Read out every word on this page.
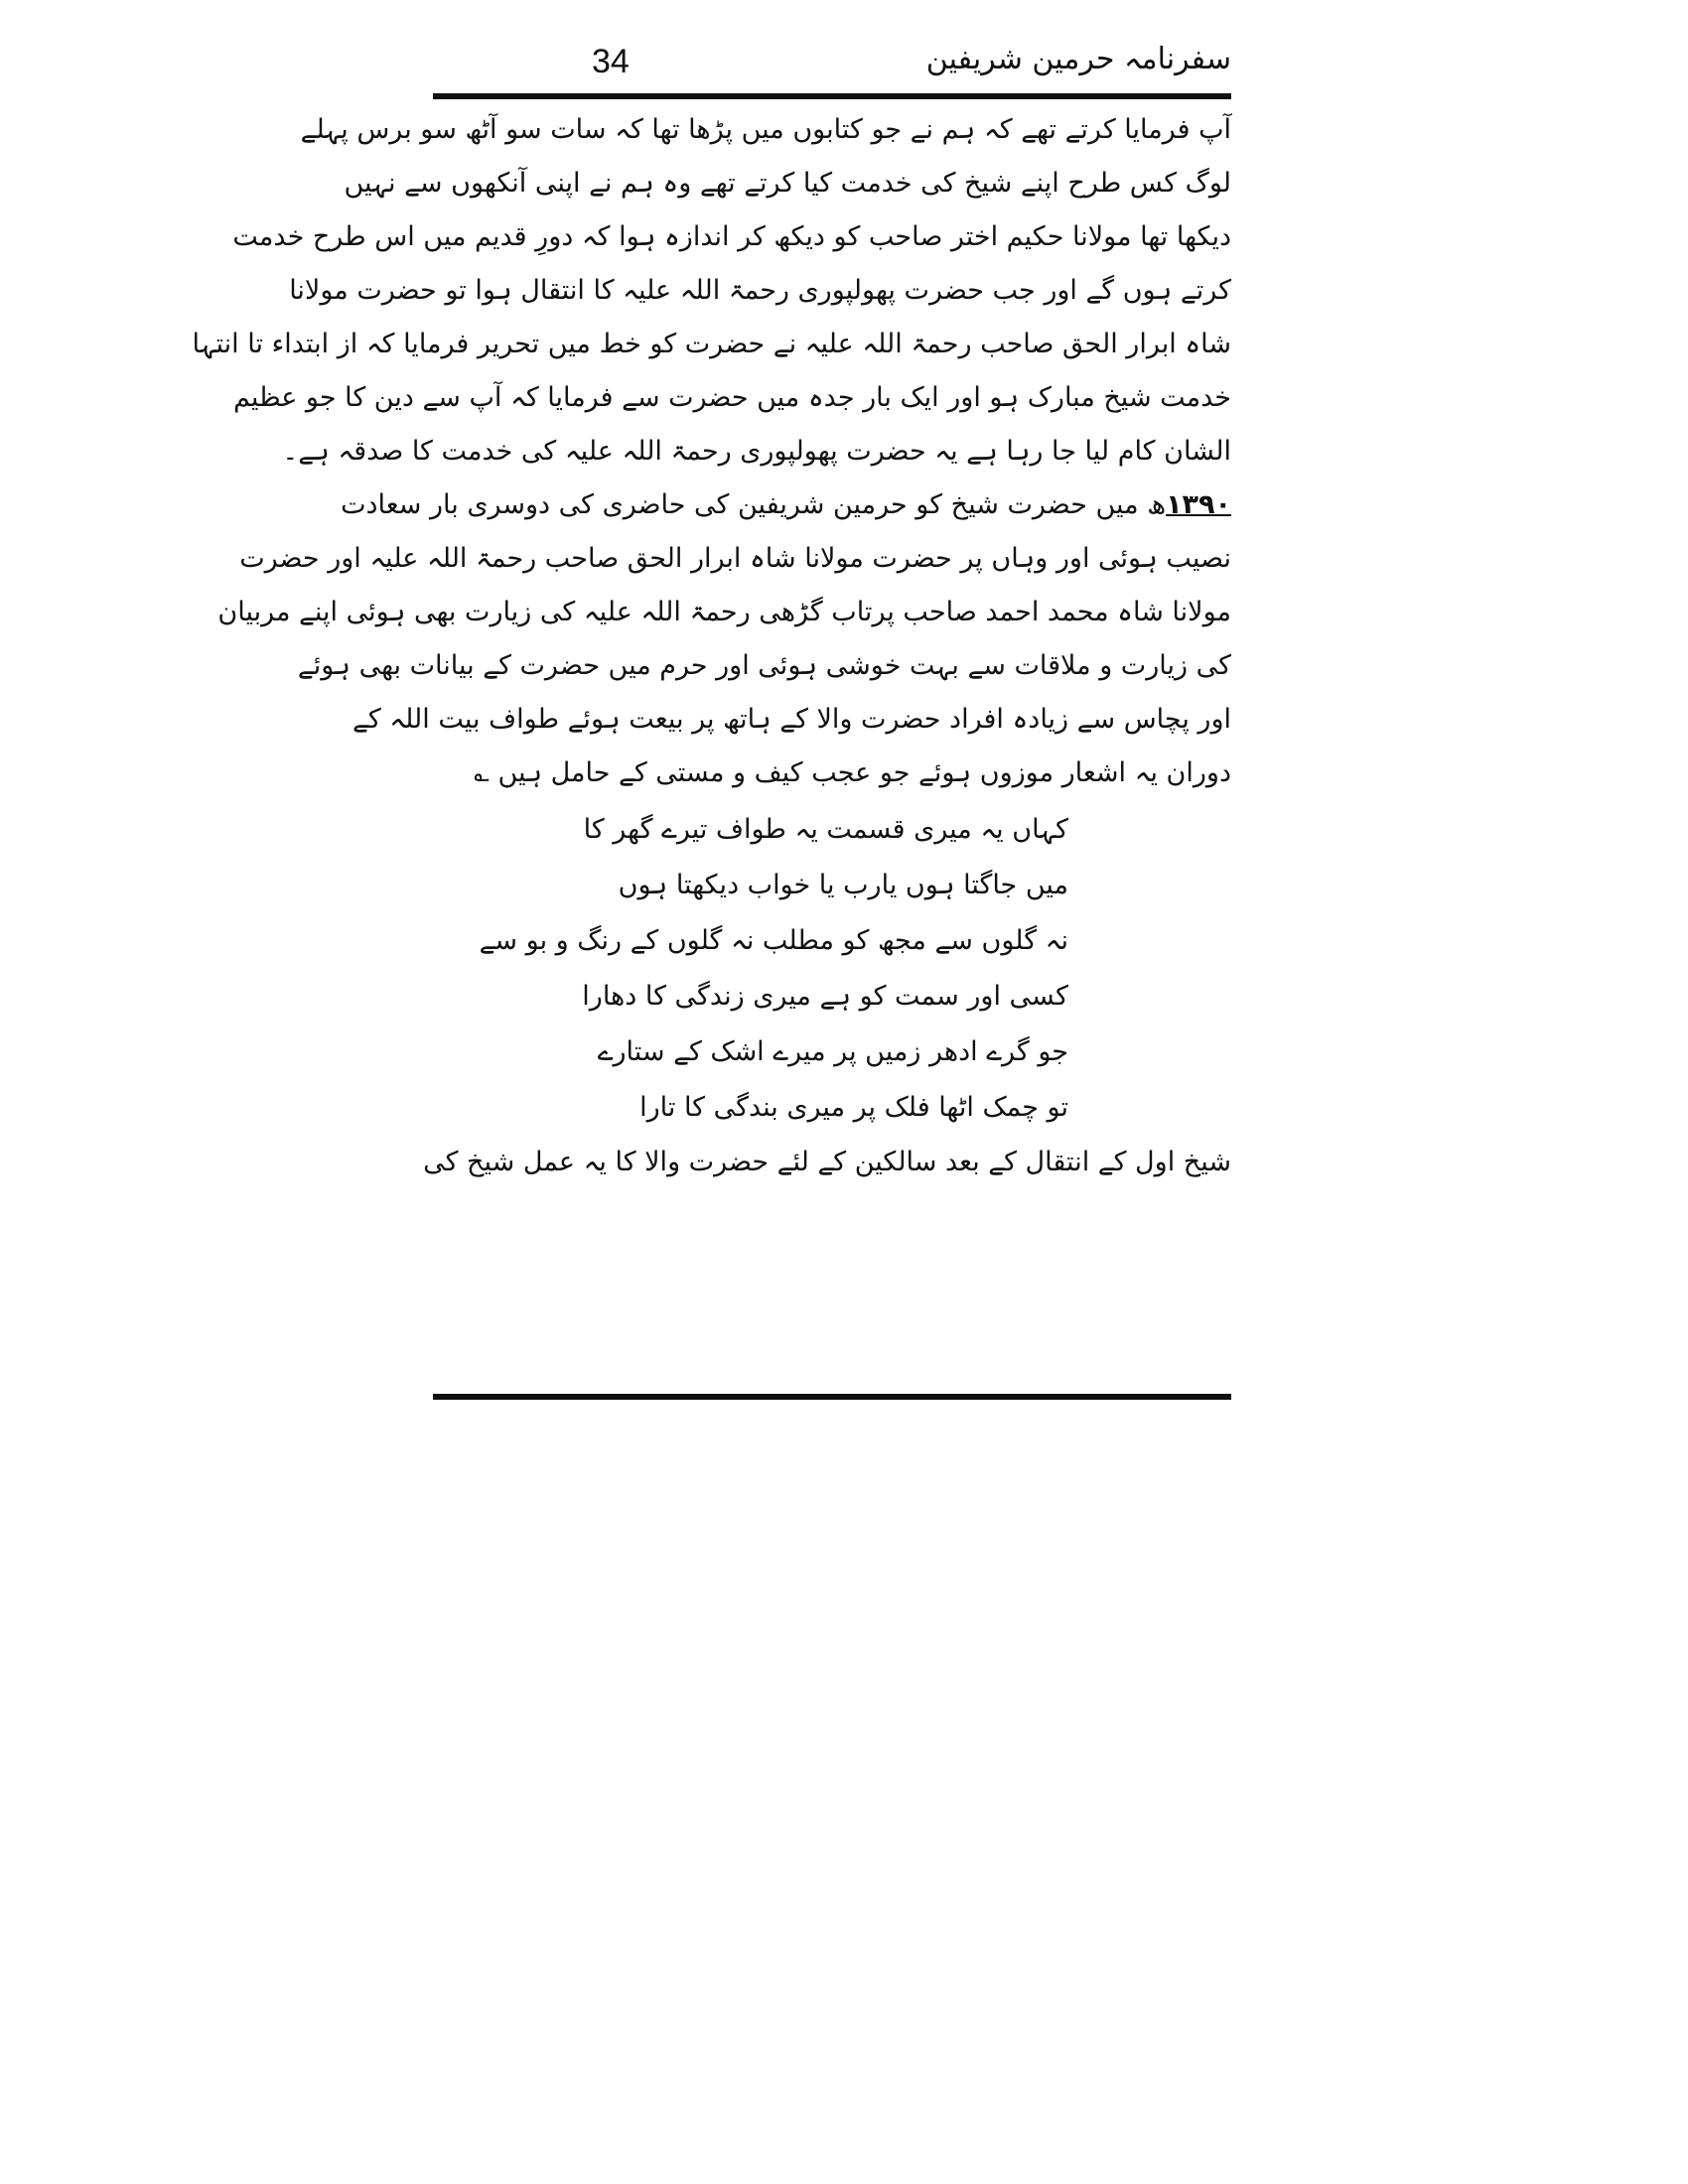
34	سفرنامہ حرمین شریفین
آپ فرمایا کرتے تھے کہ ہم نے جو کتابوں میں پڑھا تھا کہ سات سو آٹھ سو برس پہلے
لوگ کس طرح اپنے شیخ کی خدمت کیا کرتے تھے وہ ہم نے اپنی آنکھوں سے نہیں
دیکھا تھا مولانا حکیم اختر صاحب کو دیکھ کر اندازہ ہوا کہ دورِ قدیم میں اس طرح خدمت
کرتے ہوں گے اور جب حضرت پھولپوری رحمۃ اللہ علیہ کا انتقال ہوا تو حضرت مولانا
شاہ ابرار الحق صاحب رحمۃ اللہ علیہ نے حضرت کو خط میں تحریر فرمایا کہ از ابتداء تا انتہا
خدمت شیخ مبارک ہو اور ایک بار جدہ میں حضرت سے فرمایا کہ آپ سے دین کا جو عظیم
الشان کام لیا جا رہا ہے یہ حضرت پھولپوری رحمۃ اللہ علیہ کی خدمت کا صدقہ ہے۔
۱۳۹۰ھ میں حضرت شیخ کو حرمین شریفین کی حاضری کی دوسری بار سعادت
نصیب ہوئی اور وہاں پر حضرت مولانا شاہ ابرار الحق صاحب رحمۃ اللہ علیہ اور حضرت
مولانا شاہ محمد احمد صاحب پرتاب گڑھی رحمۃ اللہ علیہ کی زیارت بھی ہوئی اپنے مربیان
کی زیارت و ملاقات سے بہت خوشی ہوئی اور حرم میں حضرت کے بیانات بھی ہوئے
اور پچاس سے زیادہ افراد حضرت والا کے ہاتھ پر بیعت ہوئے طواف بیت اللہ کے
دوران یہ اشعار موزوں ہوئے جو عجب کیف و مستی کے حامل ہیں ؎
کہاں یہ میری قسمت یہ طواف تیرے گھر کا
میں جاگتا ہوں یارب یا خواب دیکھتا ہوں
نہ گلوں سے مجھ کو مطلب نہ گلوں کے رنگ و بو سے
کسی اور سمت کو ہے میری زندگی کا دھارا
جو گرے ادھر زمیں پر میرے اشک کے ستارے
تو چمک اٹھا فلک پر میری بندگی کا تارا
شیخ اول کے انتقال کے بعد سالکین کے لئے حضرت والا کا یہ عمل شیخ کی
